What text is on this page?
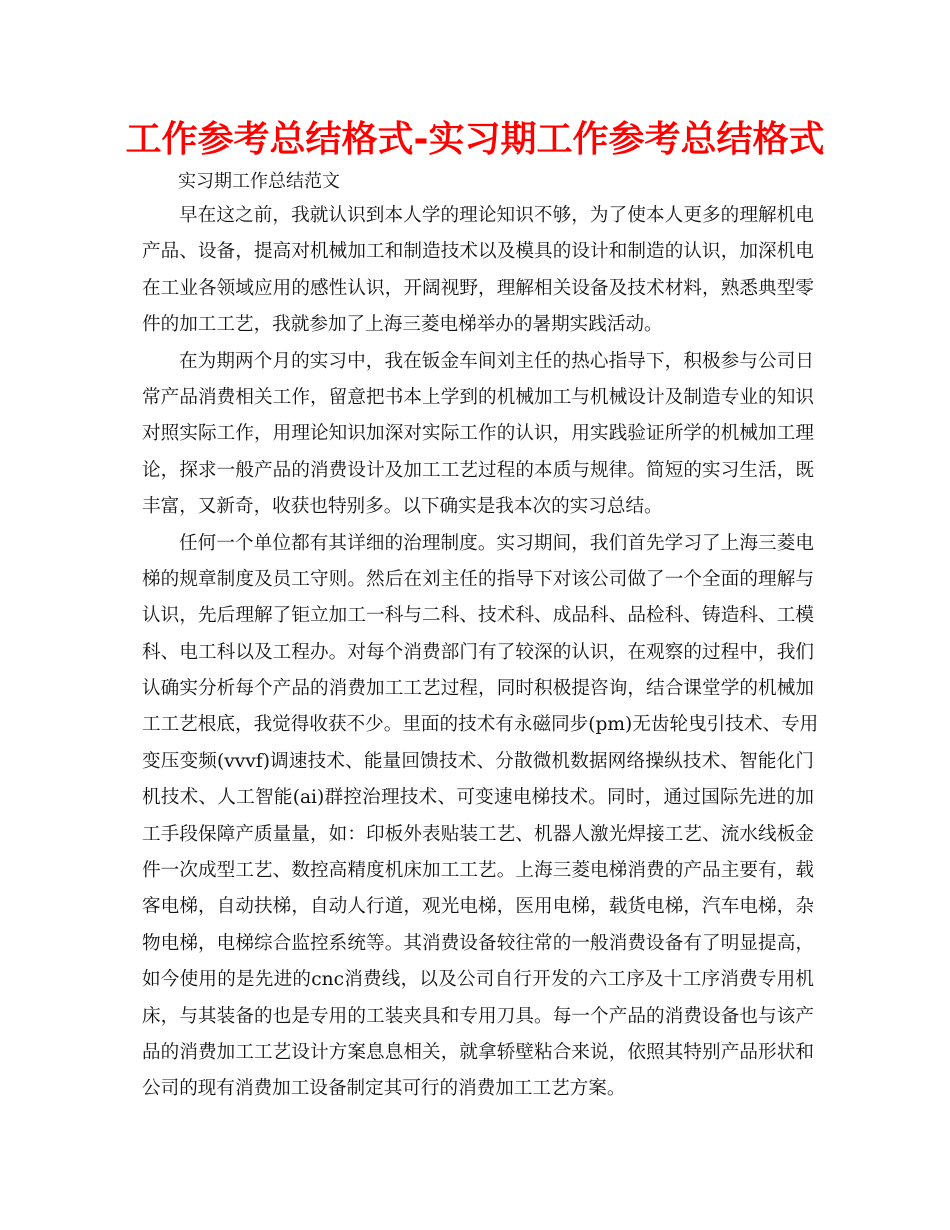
工作参考总结格式-实习期工作参考总结格式
实习期工作总结范文
早在这之前，我就认识到本人学的理论知识不够，为了使本人更多的理解机电
产品、设备，提高对机械加工和制造技术以及模具的设计和制造的认识，加深机电
在工业各领域应用的感性认识，开阔视野，理解相关设备及技术材料，熟悉典型零
件的加工工艺，我就参加了上海三菱电梯举办的暑期实践活动。
在为期两个月的实习中，我在钣金车间刘主任的热心指导下，积极参与公司日
常产品消费相关工作，留意把书本上学到的机械加工与机械设计及制造专业的知识
对照实际工作，用理论知识加深对实际工作的认识，用实践验证所学的机械加工理
论，探求一般产品的消费设计及加工工艺过程的本质与规律。简短的实习生活，既
丰富，又新奇，收获也特别多。以下确实是我本次的实习总结。
任何一个单位都有其详细的治理制度。实习期间，我们首先学习了上海三菱电
梯的规章制度及员工守则。然后在刘主任的指导下对该公司做了一个全面的理解与
认识，先后理解了钜立加工一科与二科、技术科、成品科、品检科、铸造科、工模
科、电工科以及工程办。对每个消费部门有了较深的认识，在观察的过程中，我们
认确实分析每个产品的消费加工工艺过程，同时积极提咨询，结合课堂学的机械加
工工艺根底，我觉得收获不少。里面的技术有永磁同步(pm)无齿轮曳引技术、专用
变压变频(vvvf)调速技术、能量回馈技术、分散微机数据网络操纵技术、智能化门
机技术、人工智能(ai)群控治理技术、可变速电梯技术。同时，通过国际先进的加
工手段保障产质量量，如：印板外表贴装工艺、机器人激光焊接工艺、流水线板金
件一次成型工艺、数控高精度机床加工工艺。上海三菱电梯消费的产品主要有，载
客电梯，自动扶梯，自动人行道，观光电梯，医用电梯，载货电梯，汽车电梯，杂
物电梯，电梯综合监控系统等。其消费设备较往常的一般消费设备有了明显提高，
如今使用的是先进的cnc消费线，以及公司自行开发的六工序及十工序消费专用机
床，与其装备的也是专用的工装夹具和专用刀具。每一个产品的消费设备也与该产
品的消费加工工艺设计方案息息相关，就拿轿壁粘合来说，依照其特别产品形状和
公司的现有消费加工设备制定其可行的消费加工工艺方案。
